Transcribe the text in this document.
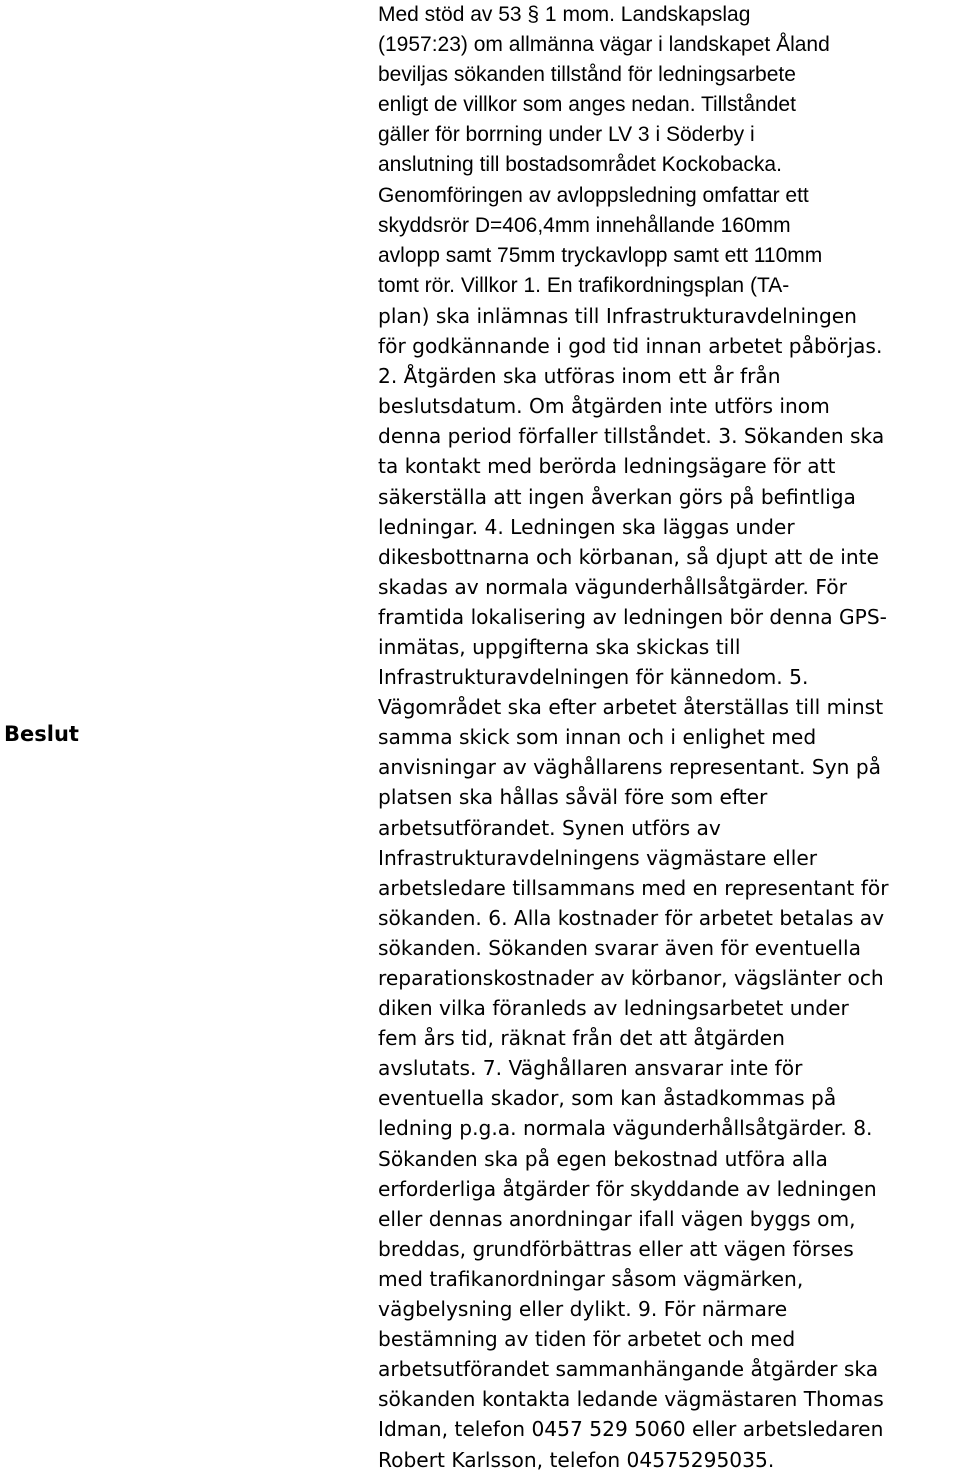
Beslut
Med stöd av 53 § 1 mom. Landskapslag
(1957:23) om allmänna vägar i landskapet Åland
beviljas sökanden tillstånd för ledningsarbete
enligt de villkor som anges nedan. Tillståndet
gäller för borrning under LV 3 i Söderby i
anslutning till bostadsområdet Kockobacka.
Genomföringen av avloppsledning omfattar ett
skyddsrör D=406,4mm innehållande 160mm
avlopp samt 75mm tryckavlopp samt ett 110mm
tomt rör. Villkor 1. En trafikordningsplan (TA-
plan) ska inlämnas till Infrastrukturavdelningen
för godkännande i god tid innan arbetet påbörjas.
2. Åtgärden ska utföras inom ett år från
beslutsdatum. Om åtgärden inte utförs inom
denna period förfaller tillståndet. 3. Sökanden ska
ta kontakt med berörda ledningsägare för att
säkerställa att ingen åverkan görs på befintliga
ledningar. 4. Ledningen ska läggas under
dikesbottnarna och körbanan, så djupt att de inte
skadas av normala vägunderhållsåtgärder. För
framtida lokalisering av ledningen bör denna GPS-
inmätas, uppgifterna ska skickas till
Infrastrukturavdelningen för kännedom. 5.
Vägområdet ska efter arbetet återställas till minst
samma skick som innan och i enlighet med
anvisningar av väghållarens representant. Syn på
platsen ska hållas såväl före som efter
arbetsutförandet. Synen utförs av
Infrastrukturavdelningens vägmästare eller
arbetsledare tillsammans med en representant för
sökanden. 6. Alla kostnader för arbetet betalas av
sökanden. Sökanden svarar även för eventuella
reparationskostnader av körbanor, vägslänter och
diken vilka föranleds av ledningsarbetet under
fem års tid, räknat från det att åtgärden
avslutats. 7. Väghållaren ansvarar inte för
eventuella skador, som kan åstadkommas på
ledning p.g.a. normala vägunderhållsåtgärder. 8.
Sökanden ska på egen bekostnad utföra alla
erforderliga åtgärder för skyddande av ledningen
eller dennas anordningar ifall vägen byggs om,
breddas, grundförbättras eller att vägen förses
med trafikanordningar såsom vägmärken,
vägbelysning eller dylikt. 9. För närmare
bestämning av tiden för arbetet och med
arbetsutförandet sammanhängande åtgärder ska
sökanden kontakta ledande vägmästaren Thomas
Idman, telefon 0457 529 5060 eller arbetsledaren
Robert Karlsson, telefon 04575295035.
